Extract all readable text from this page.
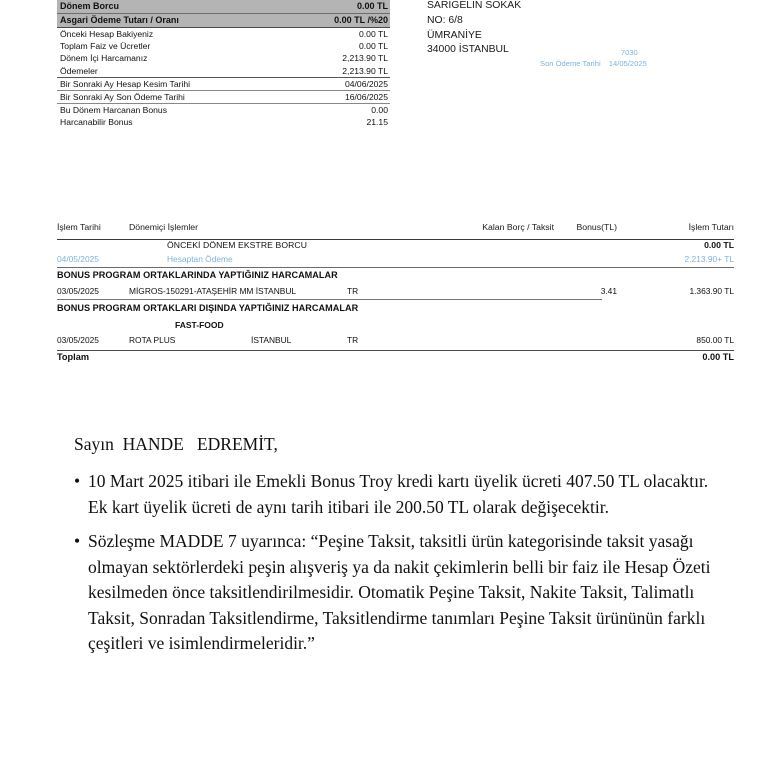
Dönem Borcu	0.00 TL
Asgari Ödeme Tutarı / Oranı	0.00 TL /%20
Önceki Hesap Bakiyeniz	0.00 TL
Toplam Faiz ve Ücretler	0.00 TL
Dönem İçi Harcamanız	2,213.90 TL
Ödemeler	2,213.90 TL
Bir Sonraki Ay Hesap Kesim Tarihi	04/06/2025
Bir Sonraki Ay Son Ödeme Tarihi	16/06/2025
Bu Dönem Harcanan Bonus	0.00
Harcanabilir Bonus	21.15
SARIGELİN SOKAK
NO: 6/8
ÜMRANİYE
34000 İSTANBUL	7030
Son Ödeme Tarihi 14/05/2025
İşlem Tarihi	Dönemiçi İşlemler	Kalan Borç / Taksit	Bonus(TL)	İşlem Tutarı
ÖNCEKİ DÖNEM EKSTRE BORCU	0.00 TL
04/05/2025	Hesaptan Ödeme	2.213.90+ TL
BONUS PROGRAM ORTAKLARINDA YAPTIĞINIZ HARCAMALAR
03/05/2025	MİGROS-150291-ATAŞEHİR MM İSTANBUL	TR	3.41	1.363.90 TL
BONUS PROGRAM ORTAKLARI DIŞINDA YAPTIĞINIZ HARCAMALAR
FAST-FOOD
03/05/2025	ROTA PLUS	İSTANBUL	TR	850.00 TL
Toplam	0.00 TL
Sayın  HANDE   EDREMİT,
• 10 Mart 2025 itibari ile Emekli Bonus Troy kredi kartı üyelik ücreti 407.50 TL olacaktır. Ek kart üyelik ücreti de aynı tarih itibari ile 200.50 TL olarak değişecektir.
• Sözleşme MADDE 7 uyarınca: “Peşine Taksit, taksitli ürün kategorisinde taksit yasağı olmayan sektörlerdeki peşin alışveriş ya da nakit çekimlerin belli bir faiz ile Hesap Özeti kesilmeden önce taksitlendirilmesidir. Otomatik Peşine Taksit, Nakite Taksit, Talimatlı Taksit, Sonradan Taksitlendirme, Taksitlendirme tanımları Peşine Taksit ürününün farklı çeşitleri ve isimlendirmeleridir.”
